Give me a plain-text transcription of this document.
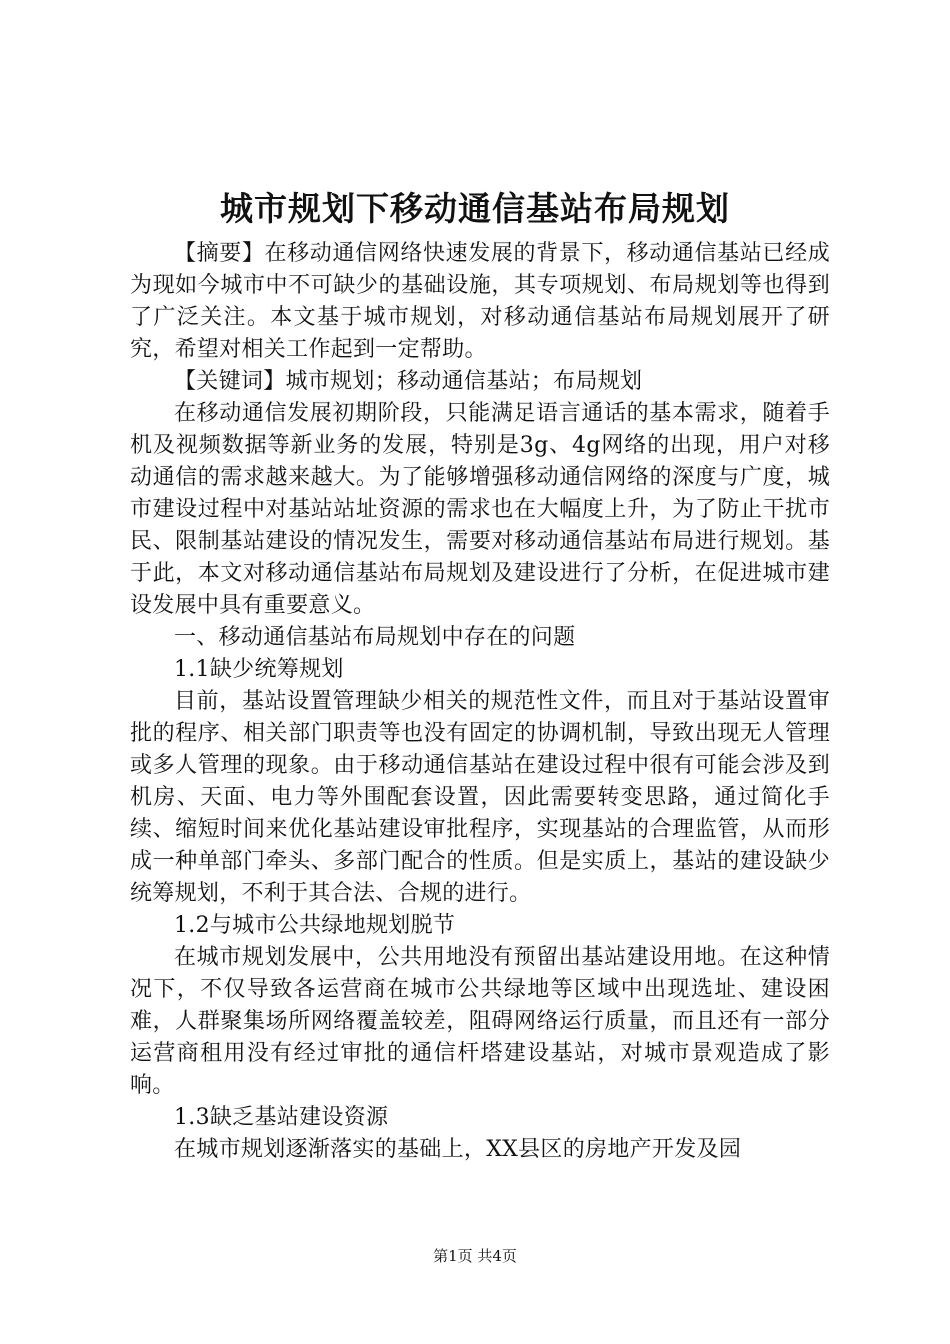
城市规划下移动通信基站布局规划

【摘要】在移动通信网络快速发展的背景下，移动通信基站已经成为现如今城市中不可缺少的基础设施，其专项规划、布局规划等也得到了广泛关注。本文基于城市规划，对移动通信基站布局规划展开了研究，希望对相关工作起到一定帮助。

【关键词】城市规划；移动通信基站；布局规划

在移动通信发展初期阶段，只能满足语言通话的基本需求，随着手机及视频数据等新业务的发展，特别是3g、4g网络的出现，用户对移动通信的需求越来越大。为了能够增强移动通信网络的深度与广度，城市建设过程中对基站站址资源的需求也在大幅度上升，为了防止干扰市民、限制基站建设的情况发生，需要对移动通信基站布局进行规划。基于此，本文对移动通信基站布局规划及建设进行了分析，在促进城市建设发展中具有重要意义。

一、移动通信基站布局规划中存在的问题

1.1缺少统筹规划

目前，基站设置管理缺少相关的规范性文件，而且对于基站设置审批的程序、相关部门职责等也没有固定的协调机制，导致出现无人管理或多人管理的现象。由于移动通信基站在建设过程中很有可能会涉及到机房、天面、电力等外围配套设置，因此需要转变思路，通过简化手续、缩短时间来优化基站建设审批程序，实现基站的合理监管，从而形成一种单部门牵头、多部门配合的性质。但是实质上，基站的建设缺少统筹规划，不利于其合法、合规的进行。

1.2与城市公共绿地规划脱节

在城市规划发展中，公共用地没有预留出基站建设用地。在这种情况下，不仅导致各运营商在城市公共绿地等区域中出现选址、建设困难，人群聚集场所网络覆盖较差，阻碍网络运行质量，而且还有一部分运营商租用没有经过审批的通信杆塔建设基站，对城市景观造成了影响。

1.3缺乏基站建设资源

在城市规划逐渐落实的基础上，XX县区的房地产开发及园

第1页 共4页
